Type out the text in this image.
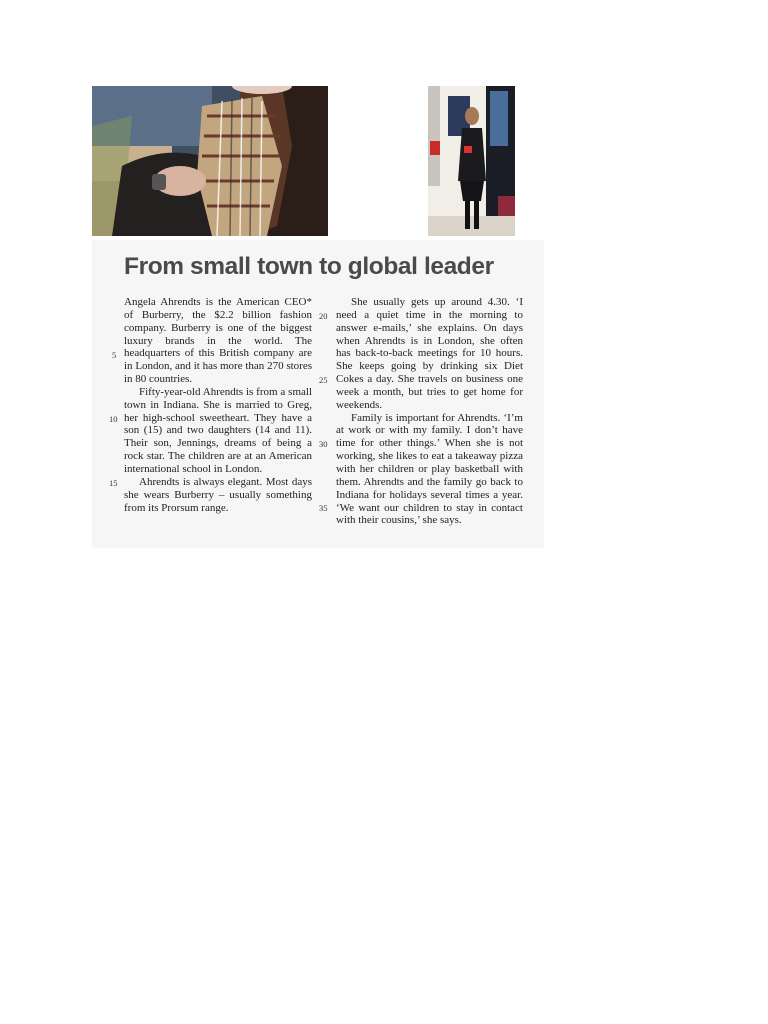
From small town to global leader

Angela Ahrendts is the American CEO* of Burberry, the $2.2 billion fashion company. Burberry is one of the biggest luxury brands in the world. The headquarters of this British company are in London, and it has more than 270 stores in 80 countries.

Fifty-year-old Ahrendts is from a small town in Indiana. She is married to Greg, her high-school sweetheart. They have a son (15) and two daughters (14 and 11). Their son, Jennings, dreams of being a rock star. The children are at an American international school in London.

Ahrendts is always elegant. Most days she wears Burberry – usually something from its Prorsum range.

She usually gets up around 4.30. ‘I need a quiet time in the morning to answer e-mails,’ she explains. On days when Ahrendts is in London, she often has back-to-back meetings for 10 hours. She keeps going by drinking six Diet Cokes a day. She travels on business one week a month, but tries to get home for weekends.

Family is important for Ahrendts. ‘I’m at work or with my family. I don’t have time for other things.’ When she is not working, she likes to eat a takeaway pizza with her children or play basketball with them. Ahrendts and the family go back to Indiana for holidays several times a year. ‘We want our children to stay in contact with their cousins,’ she says.

5
10
15
20
25
30
35
